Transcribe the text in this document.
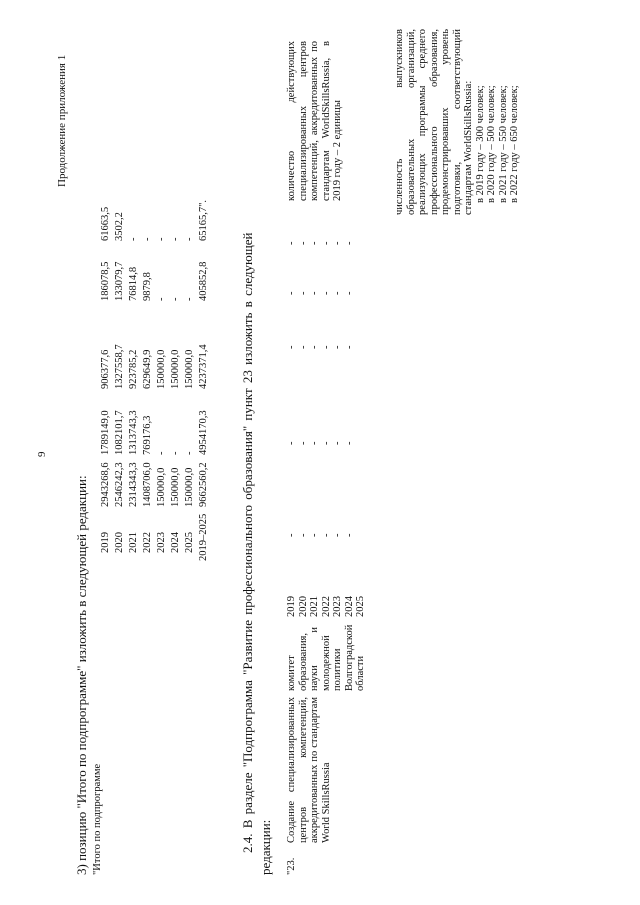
9
Продолжение приложения 1
3) позицию "Итого по подпрограмме" изложить в следующей редакции: "Итого по подпрограмме
2019
2943268,6
1789149,0
906377,6
186078,5
61663,5
2020
2546242,3
1082101,7
1327558,7
133079,7
3502,2
2021
2314343,3
1313743,3
923785,2
76814,8
-
2022
1408706,0
769176,3
629649,9
9879,8
-
2023
150000,0
-
150000,0
-
-
2024
150000,0
-
150000,0
-
-
2025
150000,0
-
150000,0
-
-
2019–2025
9662560,2
4954170,3
4237371,4
405852,8
65165,7".
2.4. В разделе "Подпрограмма "Развитие профессионального образования" пункт 23 изложить в следующей редакции: "23.
Создание специализированных центров компетенций, аккредитованных по стандартам World SkillsRussia
комитет образования, науки и молодежной политики Волгоградской области
2019 2020 2021 2022 2023 2024 2025
- - - - - -
- - - - - -
- - - - - -
- - - - - -
- - - - - -
количество действующих специализированных центров компетенций, аккредитованных по стандартам WorldSkillsRussia, в 2019 году – 2 единицы	численность выпускников образовательных организаций, реализующих программы среднего профессионального образования, продемонстрировавших уровень подготовки, соответствующий стандартам WorldSkillsRussia: в 2019 году – 300 человек; в 2020 году – 500 человек; в 2021 году – 550 человек; в 2022 году – 650 человек;
